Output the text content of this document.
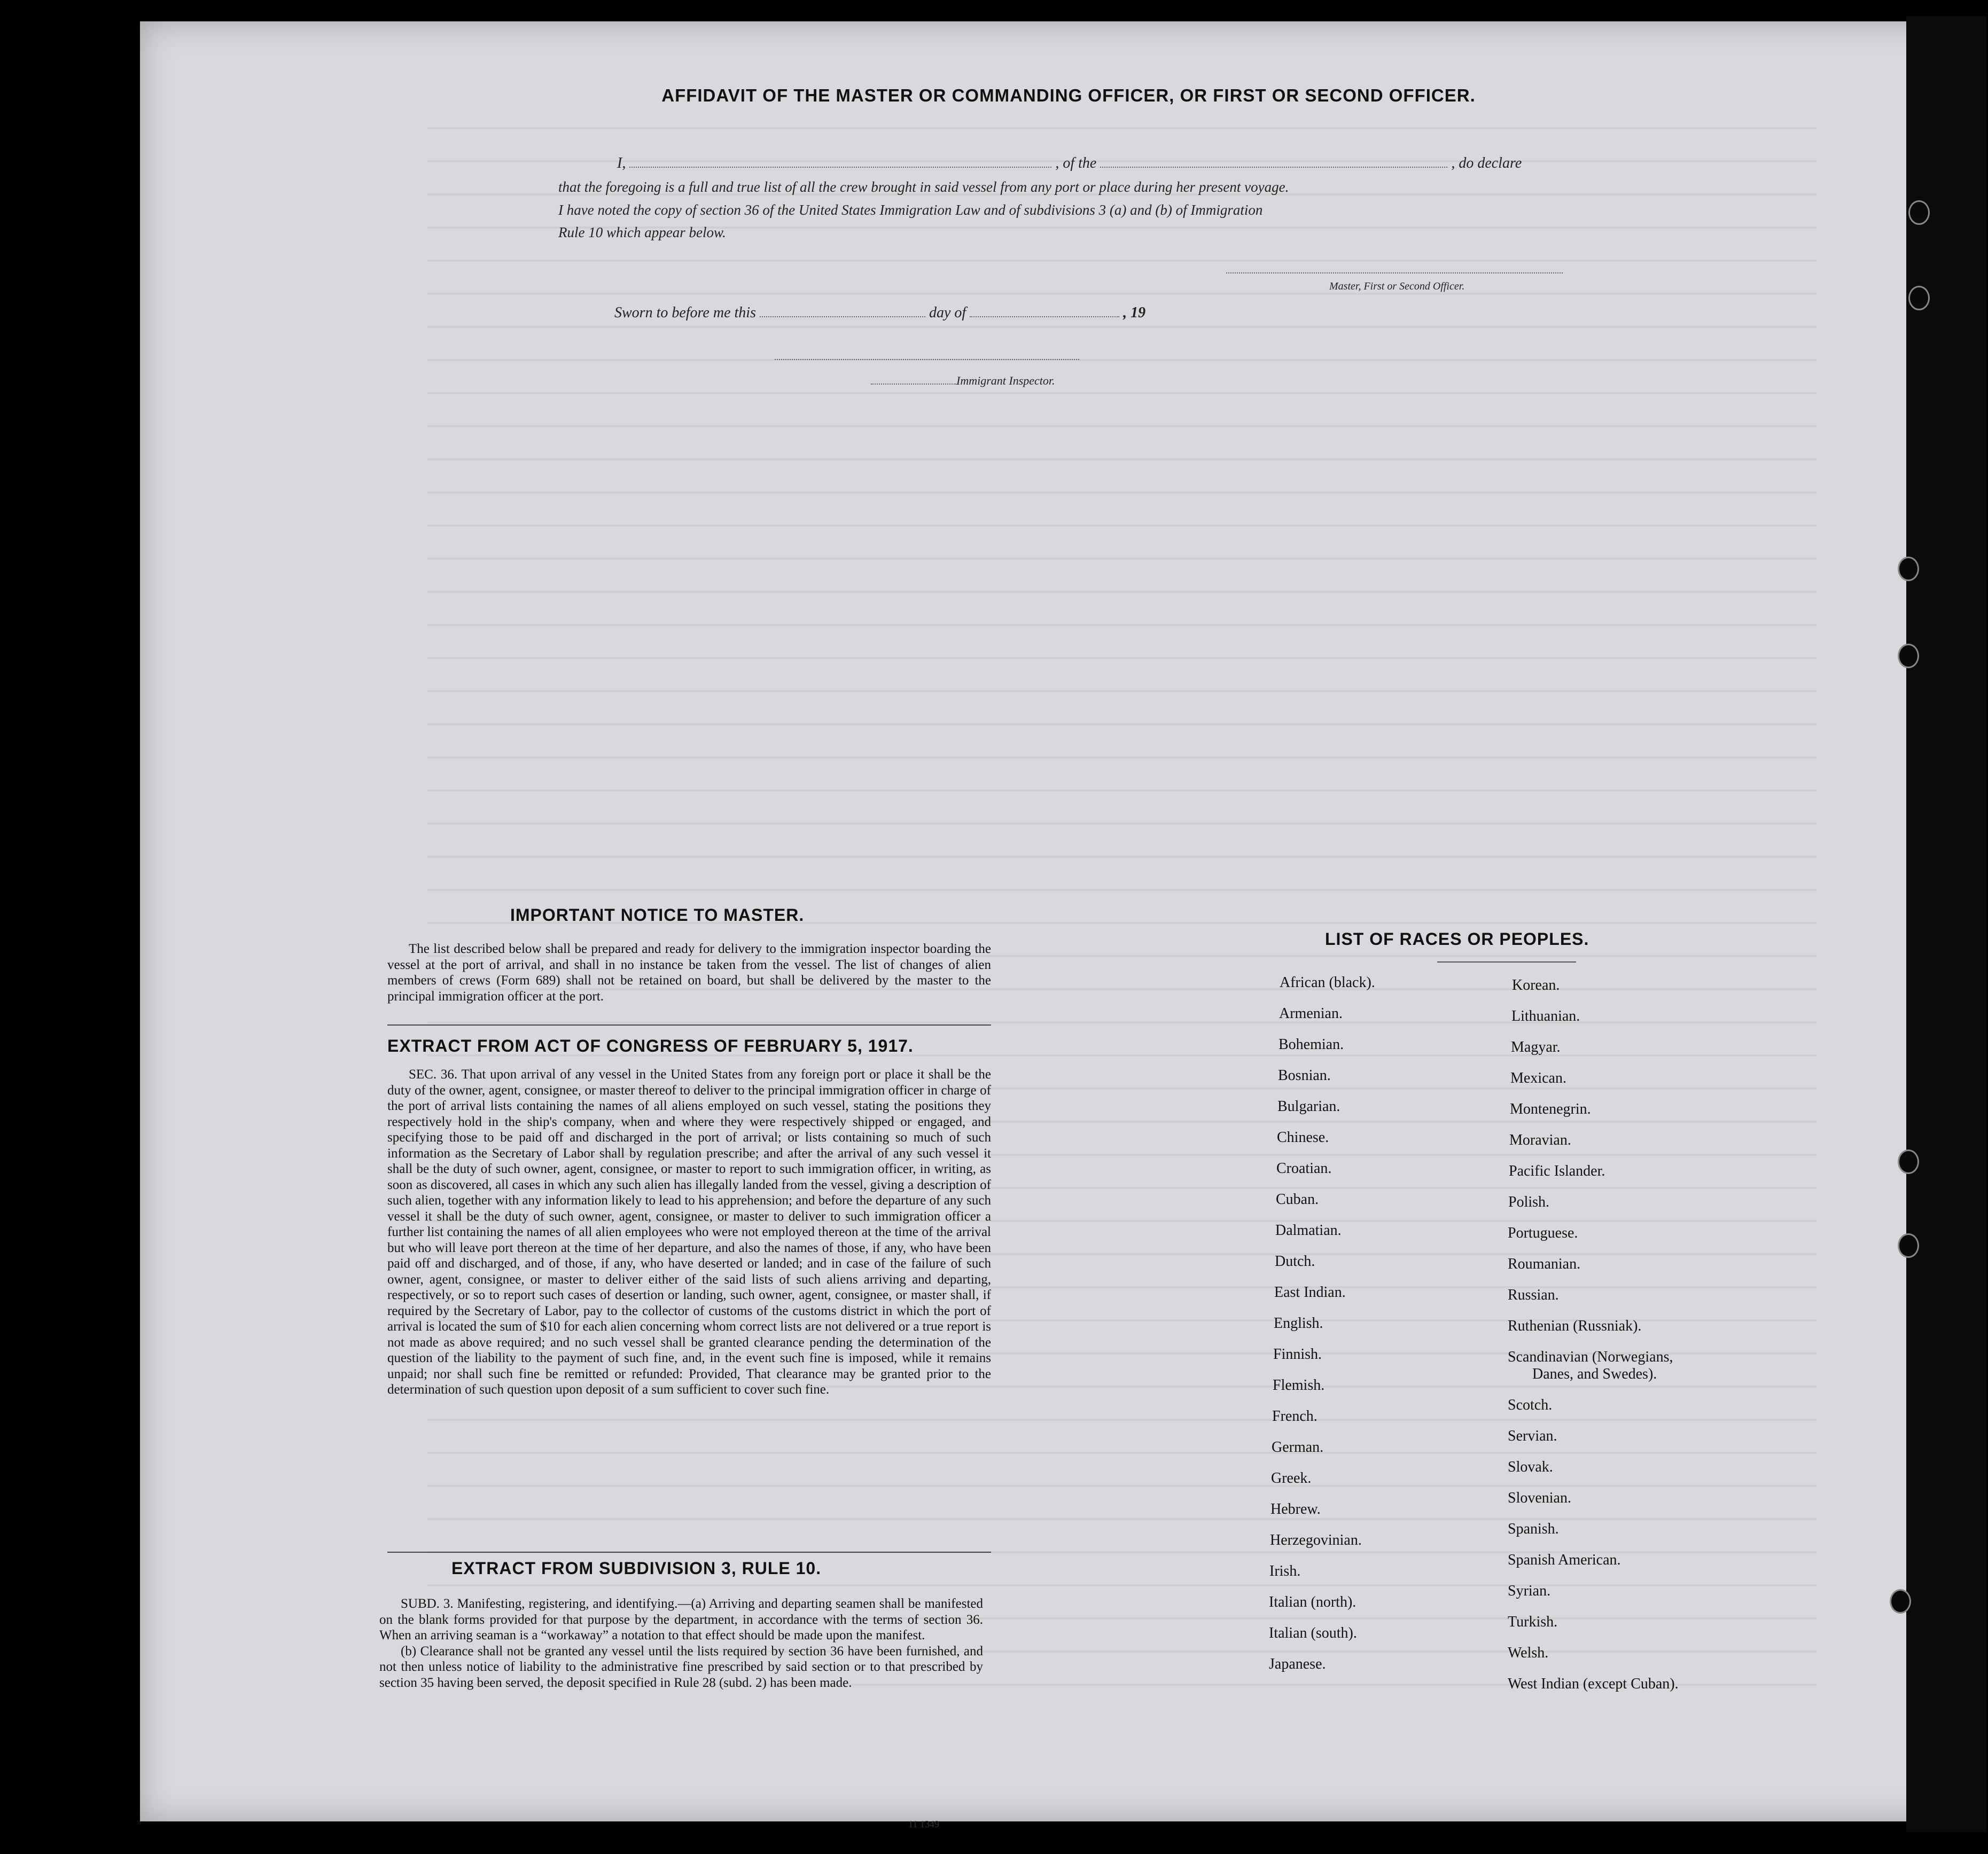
AFFIDAVIT OF THE MASTER OR COMMANDING OFFICER, OR FIRST OR SECOND OFFICER.
I,	, of the	, do declare
that the foregoing is a full and true list of all the crew brought in said vessel from any port or place during her present voyage.
I have noted the copy of section 36 of the United States Immigration Law and of subdivisions 3 (a) and (b) of Immigration
Rule 10 which appear below.
Master, First or Second Officer.
Sworn to before me this	day of	, 19
Immigrant Inspector.
IMPORTANT NOTICE TO MASTER.

The list described below shall be prepared and ready for delivery to the immigration inspector boarding the vessel at the port of arrival, and shall in no instance be taken from the vessel. The list of changes of alien members of crews (Form 689) shall not be retained on board, but shall be delivered by the master to the principal immigration officer at the port.

EXTRACT FROM ACT OF CONGRESS OF FEBRUARY 5, 1917.

SEC. 36. That upon arrival of any vessel in the United States from any foreign port or place it shall be the duty of the owner, agent, consignee, or master thereof to deliver to the principal immigration officer in charge of the port of arrival lists containing the names of all aliens employed on such vessel, stating the positions they respectively hold in the ship's company, when and where they were respectively shipped or engaged, and specifying those to be paid off and discharged in the port of arrival; or lists containing so much of such information as the Secretary of Labor shall by regulation prescribe; and after the arrival of any such vessel it shall be the duty of such owner, agent, consignee, or master to report to such immigration officer, in writing, as soon as discovered, all cases in which any such alien has illegally landed from the vessel, giving a description of such alien, together with any information likely to lead to his apprehension; and before the departure of any such vessel it shall be the duty of such owner, agent, consignee, or master to deliver to such immigration officer a further list containing the names of all alien employees who were not employed thereon at the time of the arrival but who will leave port thereon at the time of her departure, and also the names of those, if any, who have been paid off and discharged, and of those, if any, who have deserted or landed; and in case of the failure of such owner, agent, consignee, or master to deliver either of the said lists of such aliens arriving and departing, respectively, or so to report such cases of desertion or landing, such owner, agent, consignee, or master shall, if required by the Secretary of Labor, pay to the collector of customs of the customs district in which the port of arrival is located the sum of $10 for each alien concerning whom correct lists are not delivered or a true report is not made as above required; and no such vessel shall be granted clearance pending the determination of the question of the liability to the payment of such fine, and, in the event such fine is imposed, while it remains unpaid; nor shall such fine be remitted or refunded: Provided, That clearance may be granted prior to the determination of such question upon deposit of a sum sufficient to cover such fine.

EXTRACT FROM SUBDIVISION 3, RULE 10.

SUBD. 3. Manifesting, registering, and identifying.—(a) Arriving and departing seamen shall be manifested on the blank forms provided for that purpose by the department, in accordance with the terms of section 36. When an arriving seaman is a “workaway” a notation to that effect should be made upon the manifest.

(b) Clearance shall not be granted any vessel until the lists required by section 36 have been furnished, and not then unless notice of liability to the administrative fine prescribed by said section or to that prescribed by section 35 having been served, the deposit specified in Rule 28 (subd. 2) has been made.

LIST OF RACES OR PEOPLES.
African (black).
Armenian.
Bohemian.
Bosnian.
Bulgarian.
Chinese.
Croatian.
Cuban.
Dalmatian.
Dutch.
East Indian.
English.
Finnish.
Flemish.
French.
German.
Greek.
Hebrew.
Herzegovinian.
Irish.
Italian (north).
Italian (south).
Japanese.
Korean.
Lithuanian.
Magyar.
Mexican.
Montenegrin.
Moravian.
Pacific Islander.
Polish.
Portuguese.
Roumanian.
Russian.
Ruthenian (Russniak).
Scandinavian (Norwegians,
Danes, and Swedes).
Scotch.
Servian.
Slovak.
Slovenian.
Spanish.
Spanish American.
Syrian.
Turkish.
Welsh.
West Indian (except Cuban).
11 1349
